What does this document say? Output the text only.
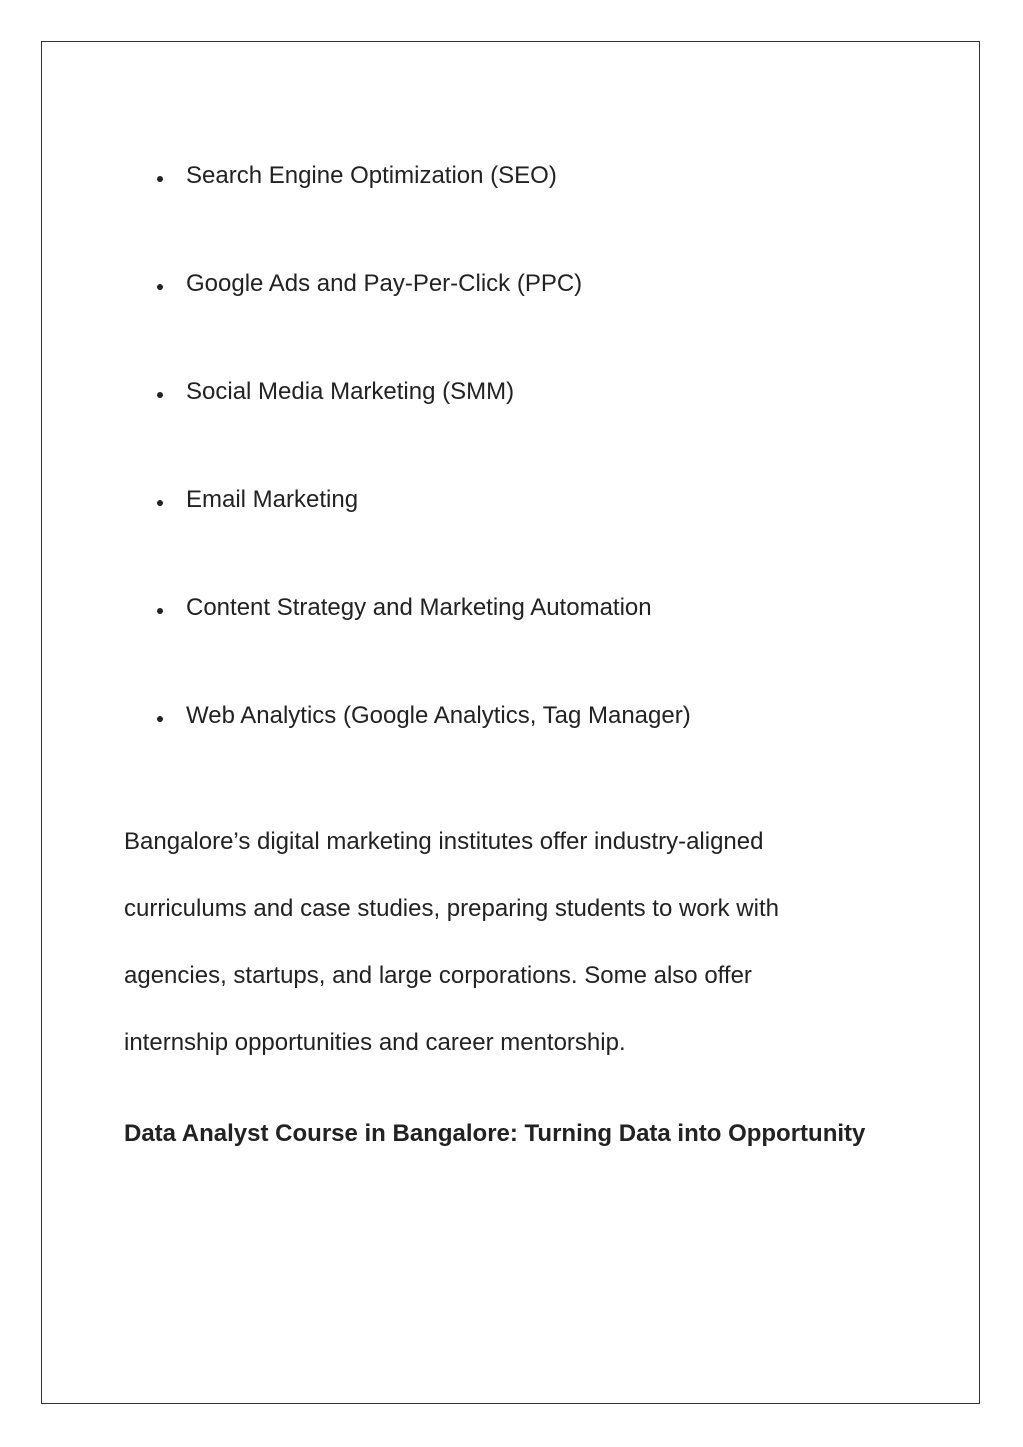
Search Engine Optimization (SEO)
Google Ads and Pay-Per-Click (PPC)
Social Media Marketing (SMM)
Email Marketing
Content Strategy and Marketing Automation
Web Analytics (Google Analytics, Tag Manager)

Bangalore’s digital marketing institutes offer industry-aligned
curriculums and case studies, preparing students to work with
agencies, startups, and large corporations. Some also offer
internship opportunities and career mentorship.

Data Analyst Course in Bangalore: Turning Data into Opportunity
